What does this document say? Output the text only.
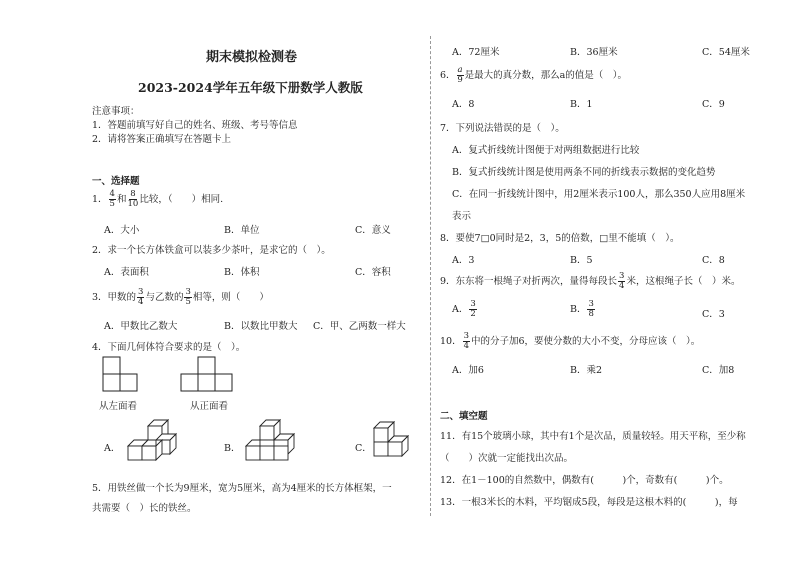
期末模拟检测卷
2023-2024学年五年级下册数学人教版
注意事项：
1．答题前填写好自己的姓名、班级、考号等信息
2．请将答案正确填写在答题卡上
一、选择题
1． $\frac{4}{5}$ 和 $\frac{8}{10}$ 比较，（　　）相同.
A．大小	B．单位	C．意义
2．求一个长方体铁盒可以装多少茶叶，是求它的（　）。
A．表面积	B．体积	C．容积
3．甲数的 $\frac{3}{4}$ 与乙数的 $\frac{3}{5}$ 相等，则（　　）
A．甲数比乙数大	B．以数比甲数大 C．甲、乙两数一样大
4．下面几何体符合要求的是（　）。
从左面看	从正面看
A．	B．	C．
5．用铁丝做一个长为9厘米，宽为5厘米，高为4厘米的长方体框架，一
共需要（　）长的铁丝。
A．72厘米	B．36厘米	C．54厘米
6． $\frac{a}{9}$ 是最大的真分数，那么a的值是（　）。
A．8	B．1	C．9
7．下列说法错误的是（　）。
A．复式折线统计图便于对两组数据进行比较
B．复式折线统计图是使用两条不同的折线表示数据的变化趋势
C．在同一折线统计图中，用2厘米表示100人，那么350人应用8厘米
表示
8．要使7□0同时是2，3，5的倍数，□里不能填（　）。
A．3	B．5	C．8
9．东东将一根绳子对折两次，量得每段长 $\frac{3}{4}$ 米，这根绳子长（　）米。
A． $\frac{3}{2}$	B． $\frac{3}{8}$	C．3
10． $\frac{3}{4}$ 中的分子加6，要使分数的大小不变，分母应该（　）。
A．加6	B．乘2	C．加8
二、填空题
11．有15个玻璃小球，其中有1个是次品，质量较轻。用天平称，至少称
（　　）次就一定能找出次品。
12．在1－100的自然数中，偶数有(　　　)个，奇数有(　　　)个。
13．一根3米长的木料，平均锯成5段，每段是这根木料的(　　　)，每
